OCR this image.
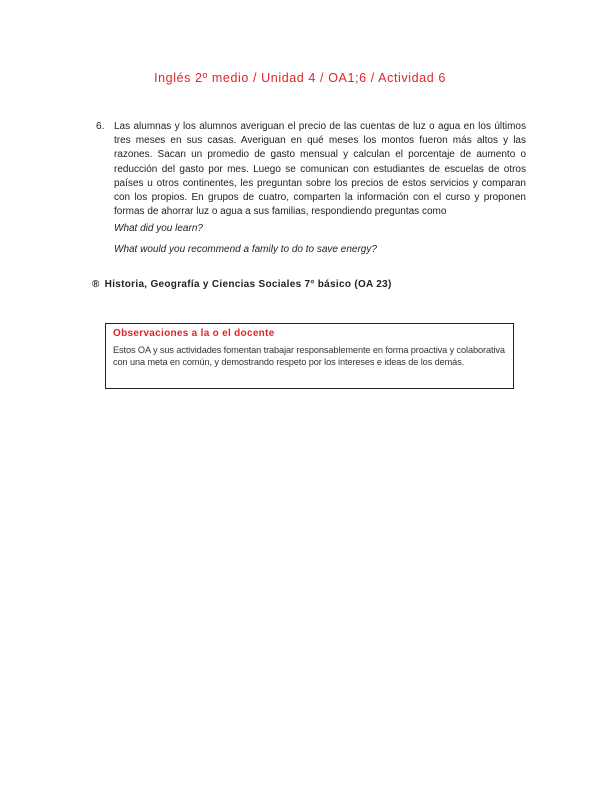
Inglés 2º medio / Unidad 4 / OA1;6 / Actividad 6
6. Las alumnas y los alumnos averiguan el precio de las cuentas de luz o agua en los últimos tres meses en sus casas. Averiguan en qué meses los montos fueron más altos y las razones. Sacan un promedio de gasto mensual y calculan el porcentaje de aumento o reducción del gasto por mes. Luego se comunican con estudiantes de escuelas de otros países u otros continentes, les preguntan sobre los precios de estos servicios y comparan con los propios. En grupos de cuatro, comparten la información con el curso y proponen formas de ahorrar luz o agua a sus familias, respondiendo preguntas como
What did you learn?
What would you recommend a family to do to save energy?
® Historia, Geografía y Ciencias Sociales 7° básico (OA 23)
Observaciones a la o el docente
Estos OA y sus actividades fomentan trabajar responsablemente en forma proactiva y colaborativa con una meta en común, y demostrando respeto por los intereses e ideas de los demás.
